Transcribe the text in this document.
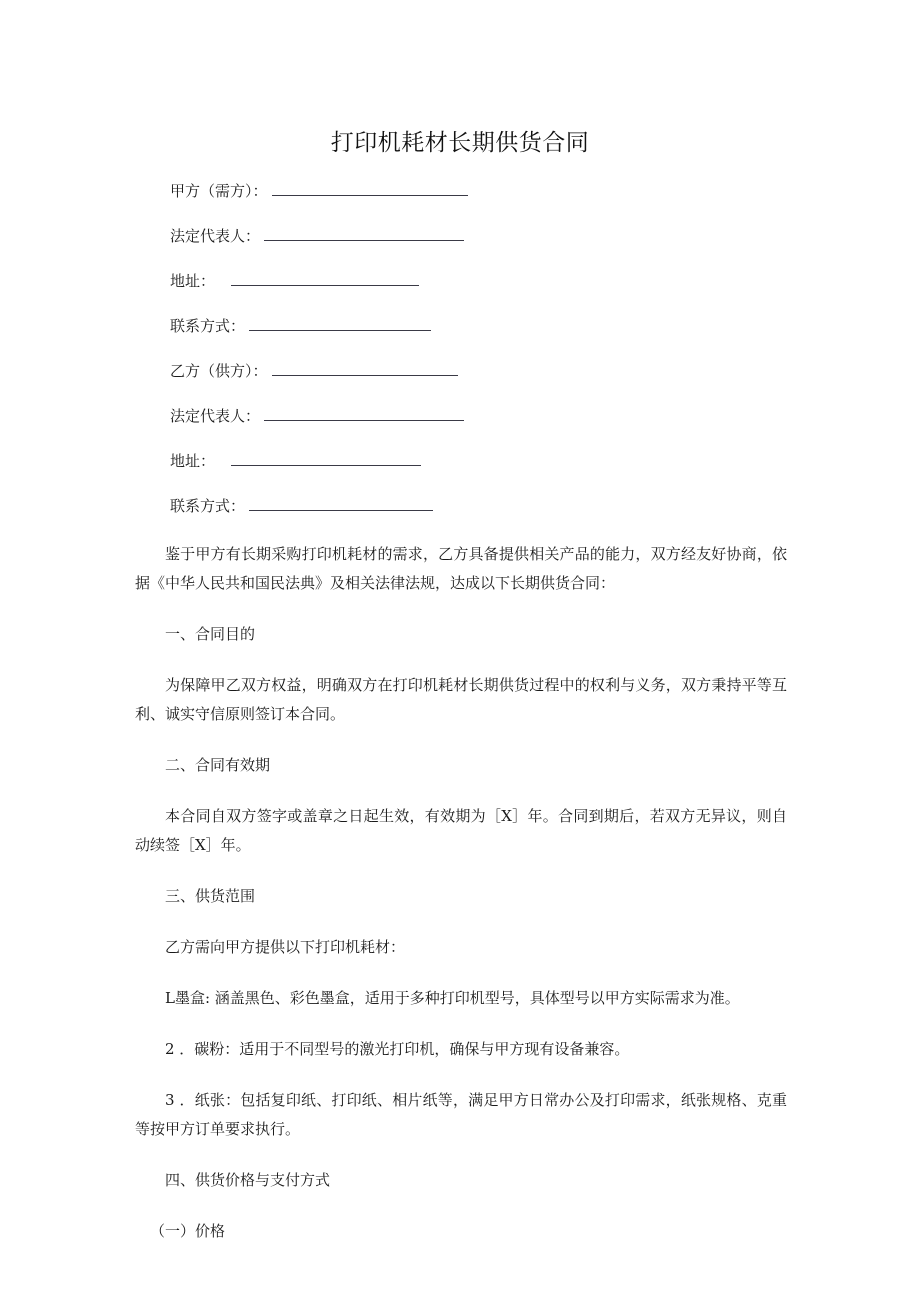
打印机耗材长期供货合同
甲方（需方）：
法定代表人：
地址：
联系方式：
乙方（供方）：
法定代表人：
地址：
联系方式：

鉴于甲方有长期采购打印机耗材的需求，乙方具备提供相关产品的能力，双方经友好协商，依据《中华人民共和国民法典》及相关法律法规，达成以下长期供货合同：

一、合同目的

为保障甲乙双方权益，明确双方在打印机耗材长期供货过程中的权利与义务，双方秉持平等互利、诚实守信原则签订本合同。

二、合同有效期

本合同自双方签字或盖章之日起生效，有效期为［X］年。合同到期后，若双方无异议，则自动续签［X］年。

三、供货范围

乙方需向甲方提供以下打印机耗材：

L墨盒: 涵盖黑色、彩色墨盒，适用于多种打印机型号，具体型号以甲方实际需求为准。

2 ．碳粉：适用于不同型号的激光打印机，确保与甲方现有设备兼容。

3 ．纸张：包括复印纸、打印纸、相片纸等，满足甲方日常办公及打印需求，纸张规格、克重等按甲方订单要求执行。

四、供货价格与支付方式

（一）价格
